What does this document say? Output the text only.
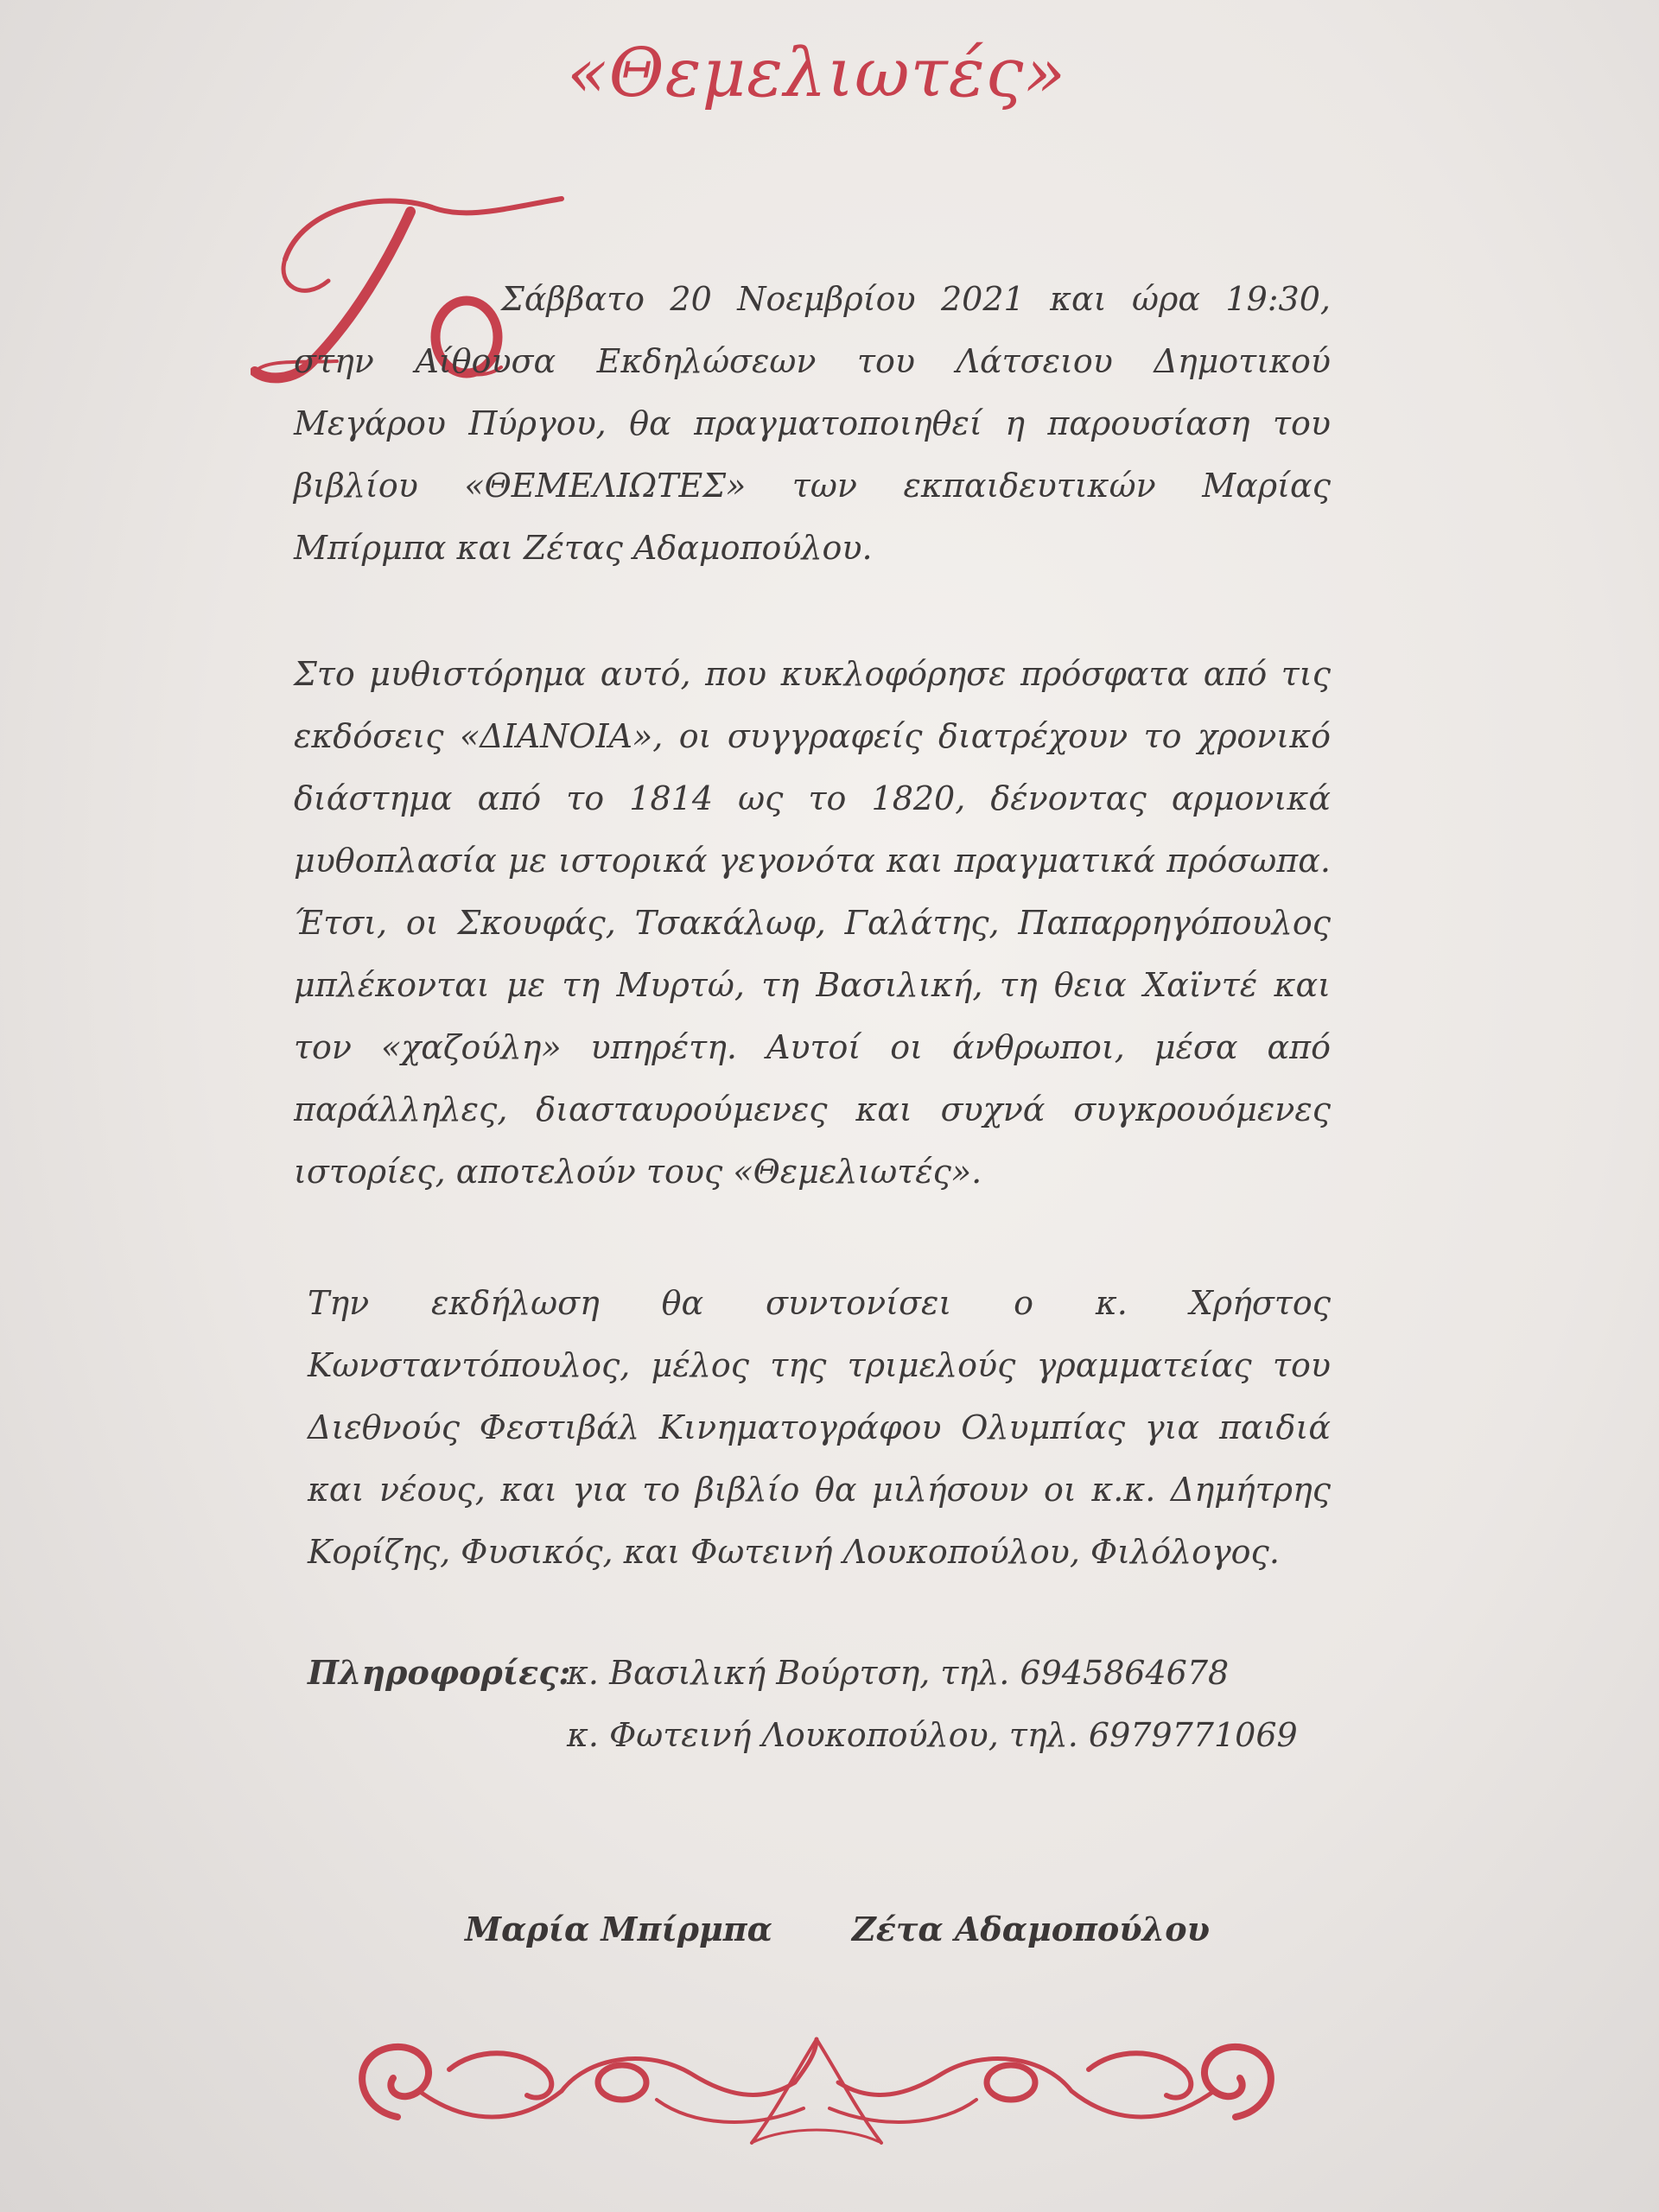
«Θεμελιωτές»
Σάββατο 20 Νοεμβρίου 2021 και ώρα 19:30, στην Αίθουσα Εκδηλώσεων του Λάτσειου Δημοτικού Μεγάρου Πύργου, θα πραγματοποιηθεί η παρουσίαση του βιβλίου «ΘΕΜΕΛΙΩΤΕΣ» των εκπαιδευτικών Μαρίας Μπίρμπα και Ζέτας Αδαμοπούλου.
Στο μυθιστόρημα αυτό, που κυκλοφόρησε πρόσφατα από τις εκδόσεις «ΔΙΑΝΟΙΑ», οι συγγραφείς διατρέχουν το χρονικό διάστημα από το 1814 ως το 1820, δένοντας αρμονικά μυθοπλασία με ιστορικά γεγονότα και πραγματικά πρόσωπα. Έτσι, οι Σκουφάς, Τσακάλωφ, Γαλάτης, Παπαρρηγόπουλος μπλέκονται με τη Μυρτώ, τη Βασιλική, τη θεια Χαϊντέ και τον «χαζούλη» υπηρέτη. Αυτοί οι άνθρωποι, μέσα από παράλληλες, διασταυρούμενες και συχνά συγκρουόμενες ιστορίες, αποτελούν τους «Θεμελιωτές».
Την εκδήλωση θα συντονίσει ο κ. Χρήστος Κωνσταντόπουλος, μέλος της τριμελούς γραμματείας του Διεθνούς Φεστιβάλ Κινηματογράφου Ολυμπίας για παιδιά και νέους, και για το βιβλίο θα μιλήσουν οι κ.κ. Δημήτρης Κορίζης, Φυσικός, και Φωτεινή Λουκοπούλου, Φιλόλογος.
Πληροφορίες:
κ. Βασιλική Βούρτση, τηλ. 6945864678
κ. Φωτεινή Λουκοπούλου, τηλ. 6979771069
Μαρία Μπίρμπα Ζέτα Αδαμοπούλου
